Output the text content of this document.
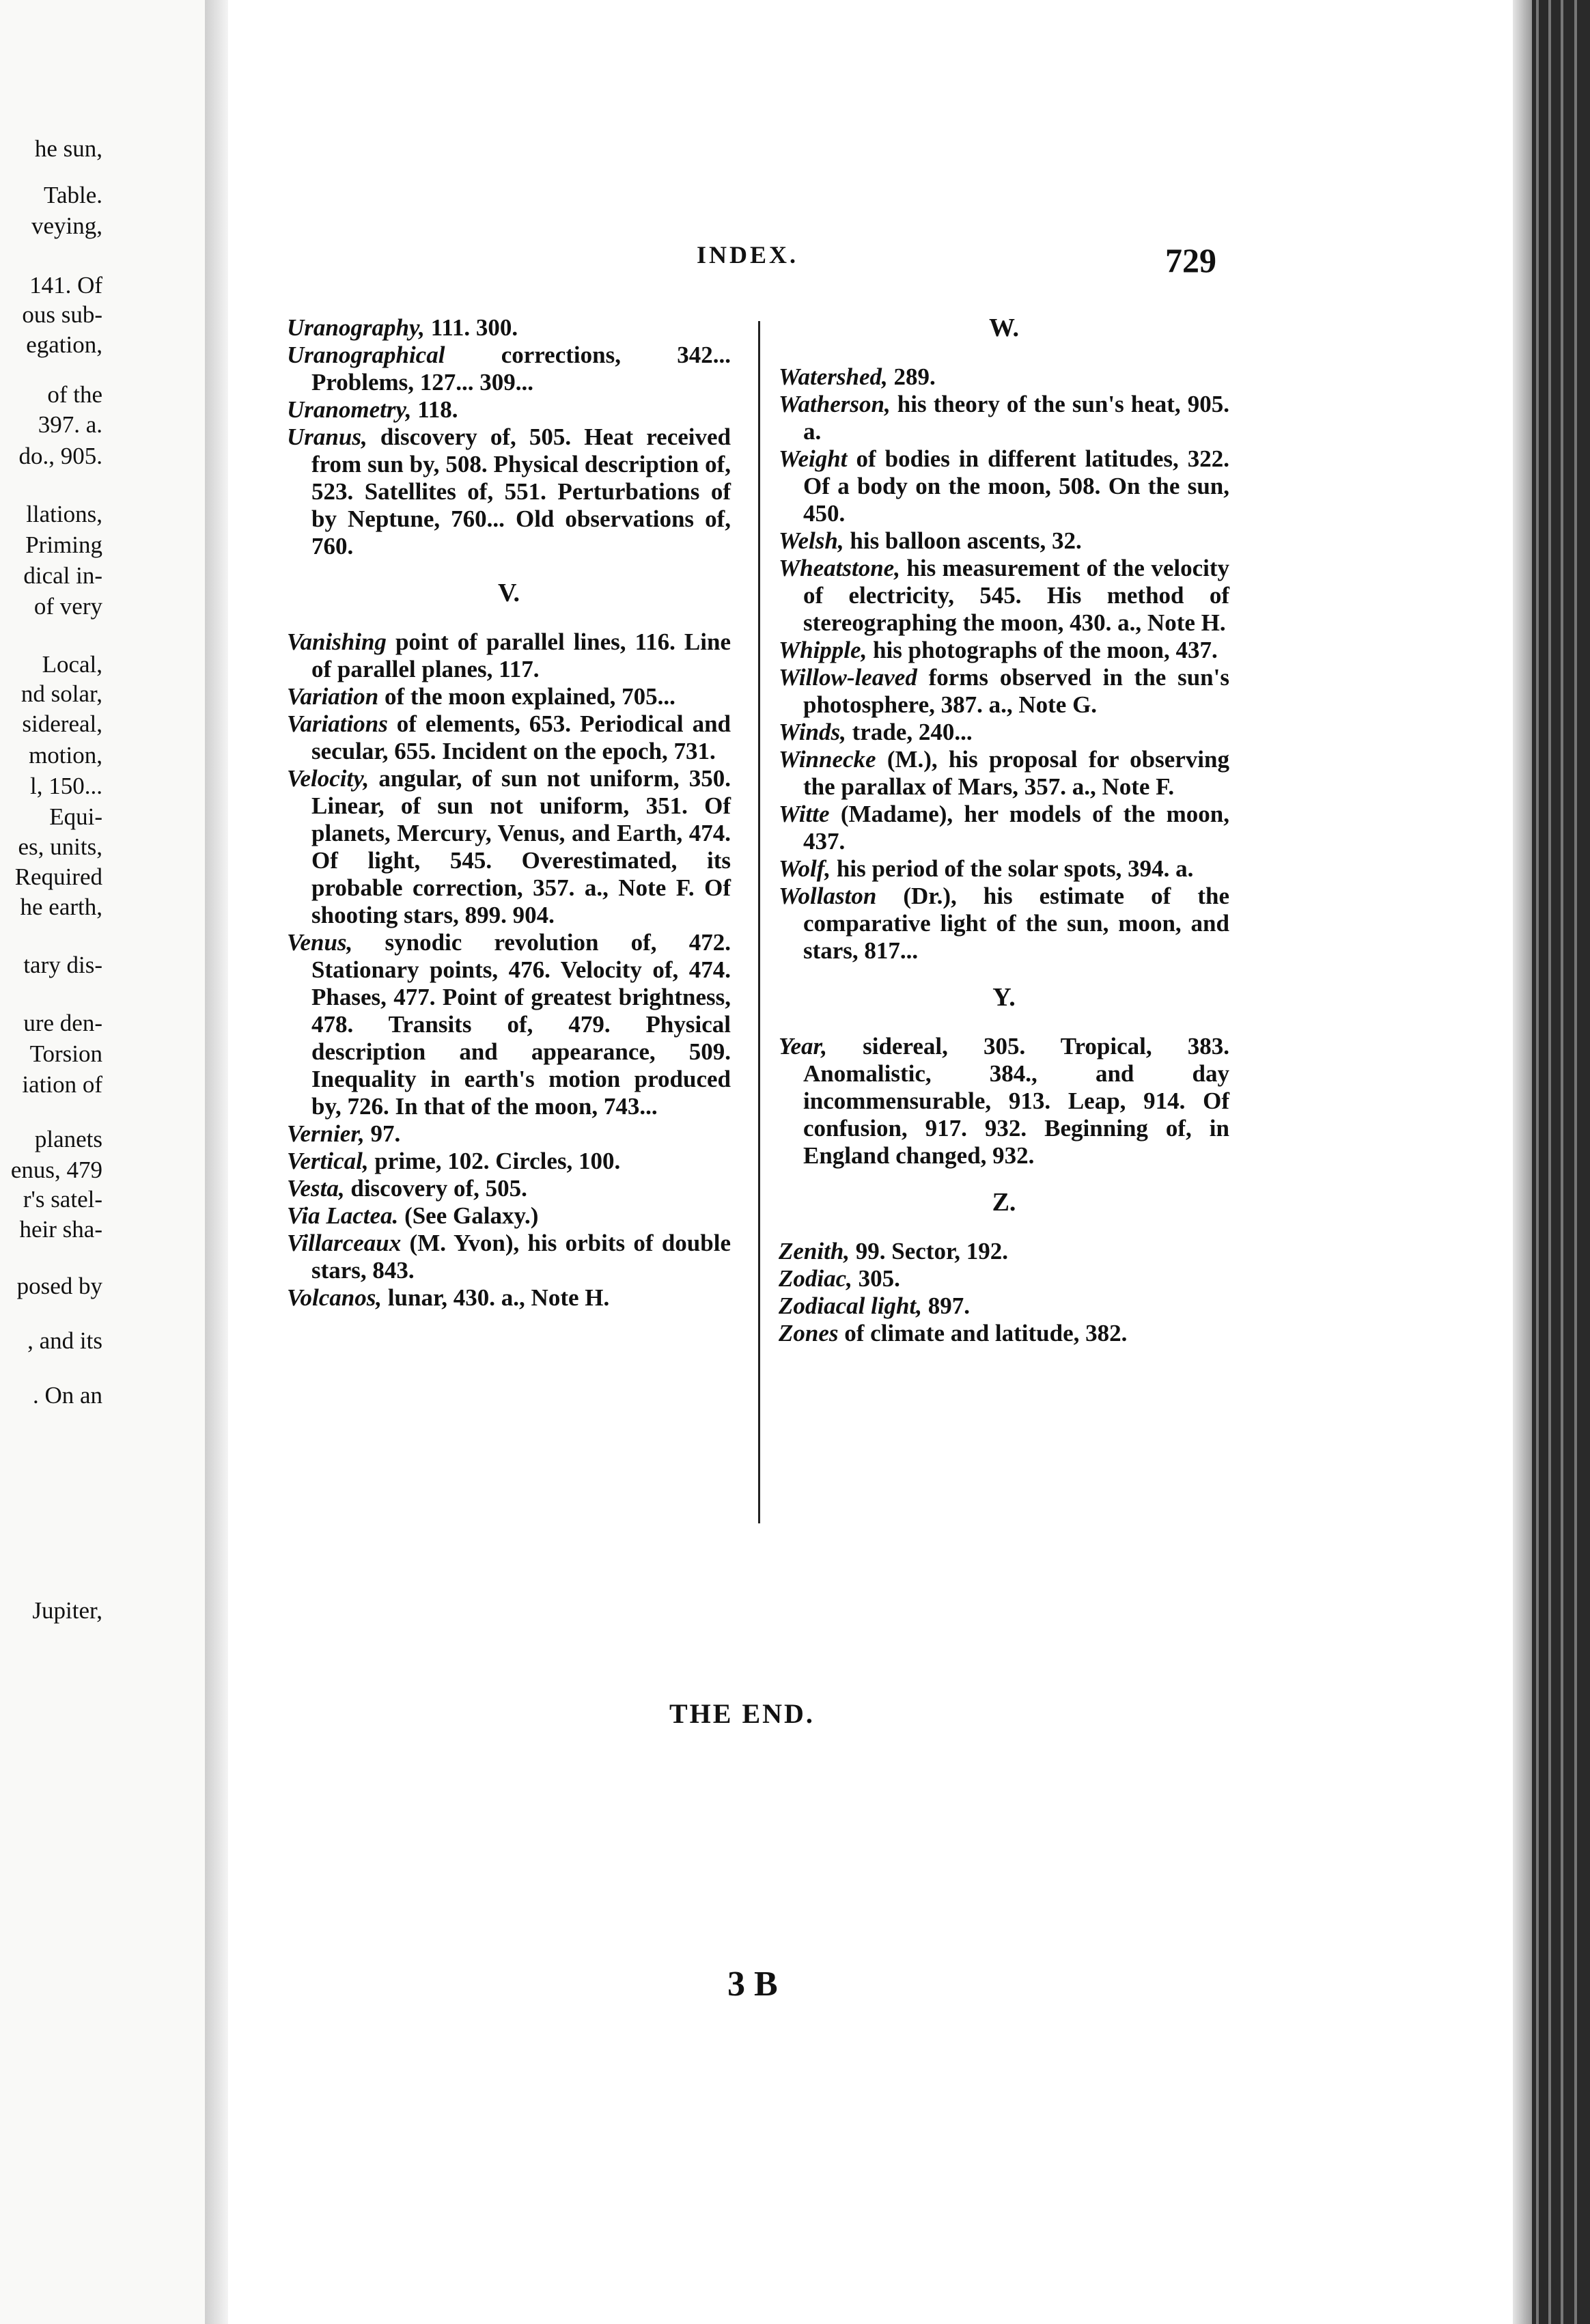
he sun,
Table.
veying,
141. Of
ous sub-
egation,
of the
397. a.
do., 905.
llations,
Priming
dical in-
of very
Local,
nd solar,
sidereal,
motion,
l, 150...
Equi-
es, units,
Required
he earth,
tary dis-
ure den-
Torsion
iation of
planets
enus, 479
r's satel-
heir sha-
posed by
, and its
. On an
Jupiter,
INDEX.	729

Uranography, 111. 300.

Uranographical corrections, 342... Problems, 127... 309...

Uranometry, 118.

Uranus, discovery of, 505. Heat received from sun by, 508. Physical description of, 523. Satellites of, 551. Perturbations of by Neptune, 760... Old observations of, 760.

V.

Vanishing point of parallel lines, 116. Line of parallel planes, 117.

Variation of the moon explained, 705...

Variations of elements, 653. Periodical and secular, 655. Incident on the epoch, 731.

Velocity, angular, of sun not uniform, 350. Linear, of sun not uniform, 351. Of planets, Mercury, Venus, and Earth, 474. Of light, 545. Overestimated, its probable correction, 357. a., Note F. Of shooting stars, 899. 904.

Venus, synodic revolution of, 472. Stationary points, 476. Velocity of, 474. Phases, 477. Point of greatest brightness, 478. Transits of, 479. Physical description and appearance, 509. Inequality in earth's motion produced by, 726. In that of the moon, 743...

Vernier, 97.

Vertical, prime, 102. Circles, 100.

Vesta, discovery of, 505.

Via Lactea. (See Galaxy.)

Villarceaux (M. Yvon), his orbits of double stars, 843.

Volcanos, lunar, 430. a., Note H.

W.

Watershed, 289.

Watherson, his theory of the sun's heat, 905. a.

Weight of bodies in different latitudes, 322. Of a body on the moon, 508. On the sun, 450.

Welsh, his balloon ascents, 32.

Wheatstone, his measurement of the velocity of electricity, 545. His method of stereographing the moon, 430. a., Note H.

Whipple, his photographs of the moon, 437.

Willow-leaved forms observed in the sun's photosphere, 387. a., Note G.

Winds, trade, 240...

Winnecke (M.), his proposal for observing the parallax of Mars, 357. a., Note F.

Witte (Madame), her models of the moon, 437.

Wolf, his period of the solar spots, 394. a.

Wollaston (Dr.), his estimate of the comparative light of the sun, moon, and stars, 817...

Y.

Year, sidereal, 305. Tropical, 383. Anomalistic, 384., and day incommensurable, 913. Leap, 914. Of confusion, 917. 932. Beginning of, in England changed, 932.

Z.

Zenith, 99. Sector, 192.

Zodiac, 305.

Zodiacal light, 897.

Zones of climate and latitude, 382.

THE END.
3 B
